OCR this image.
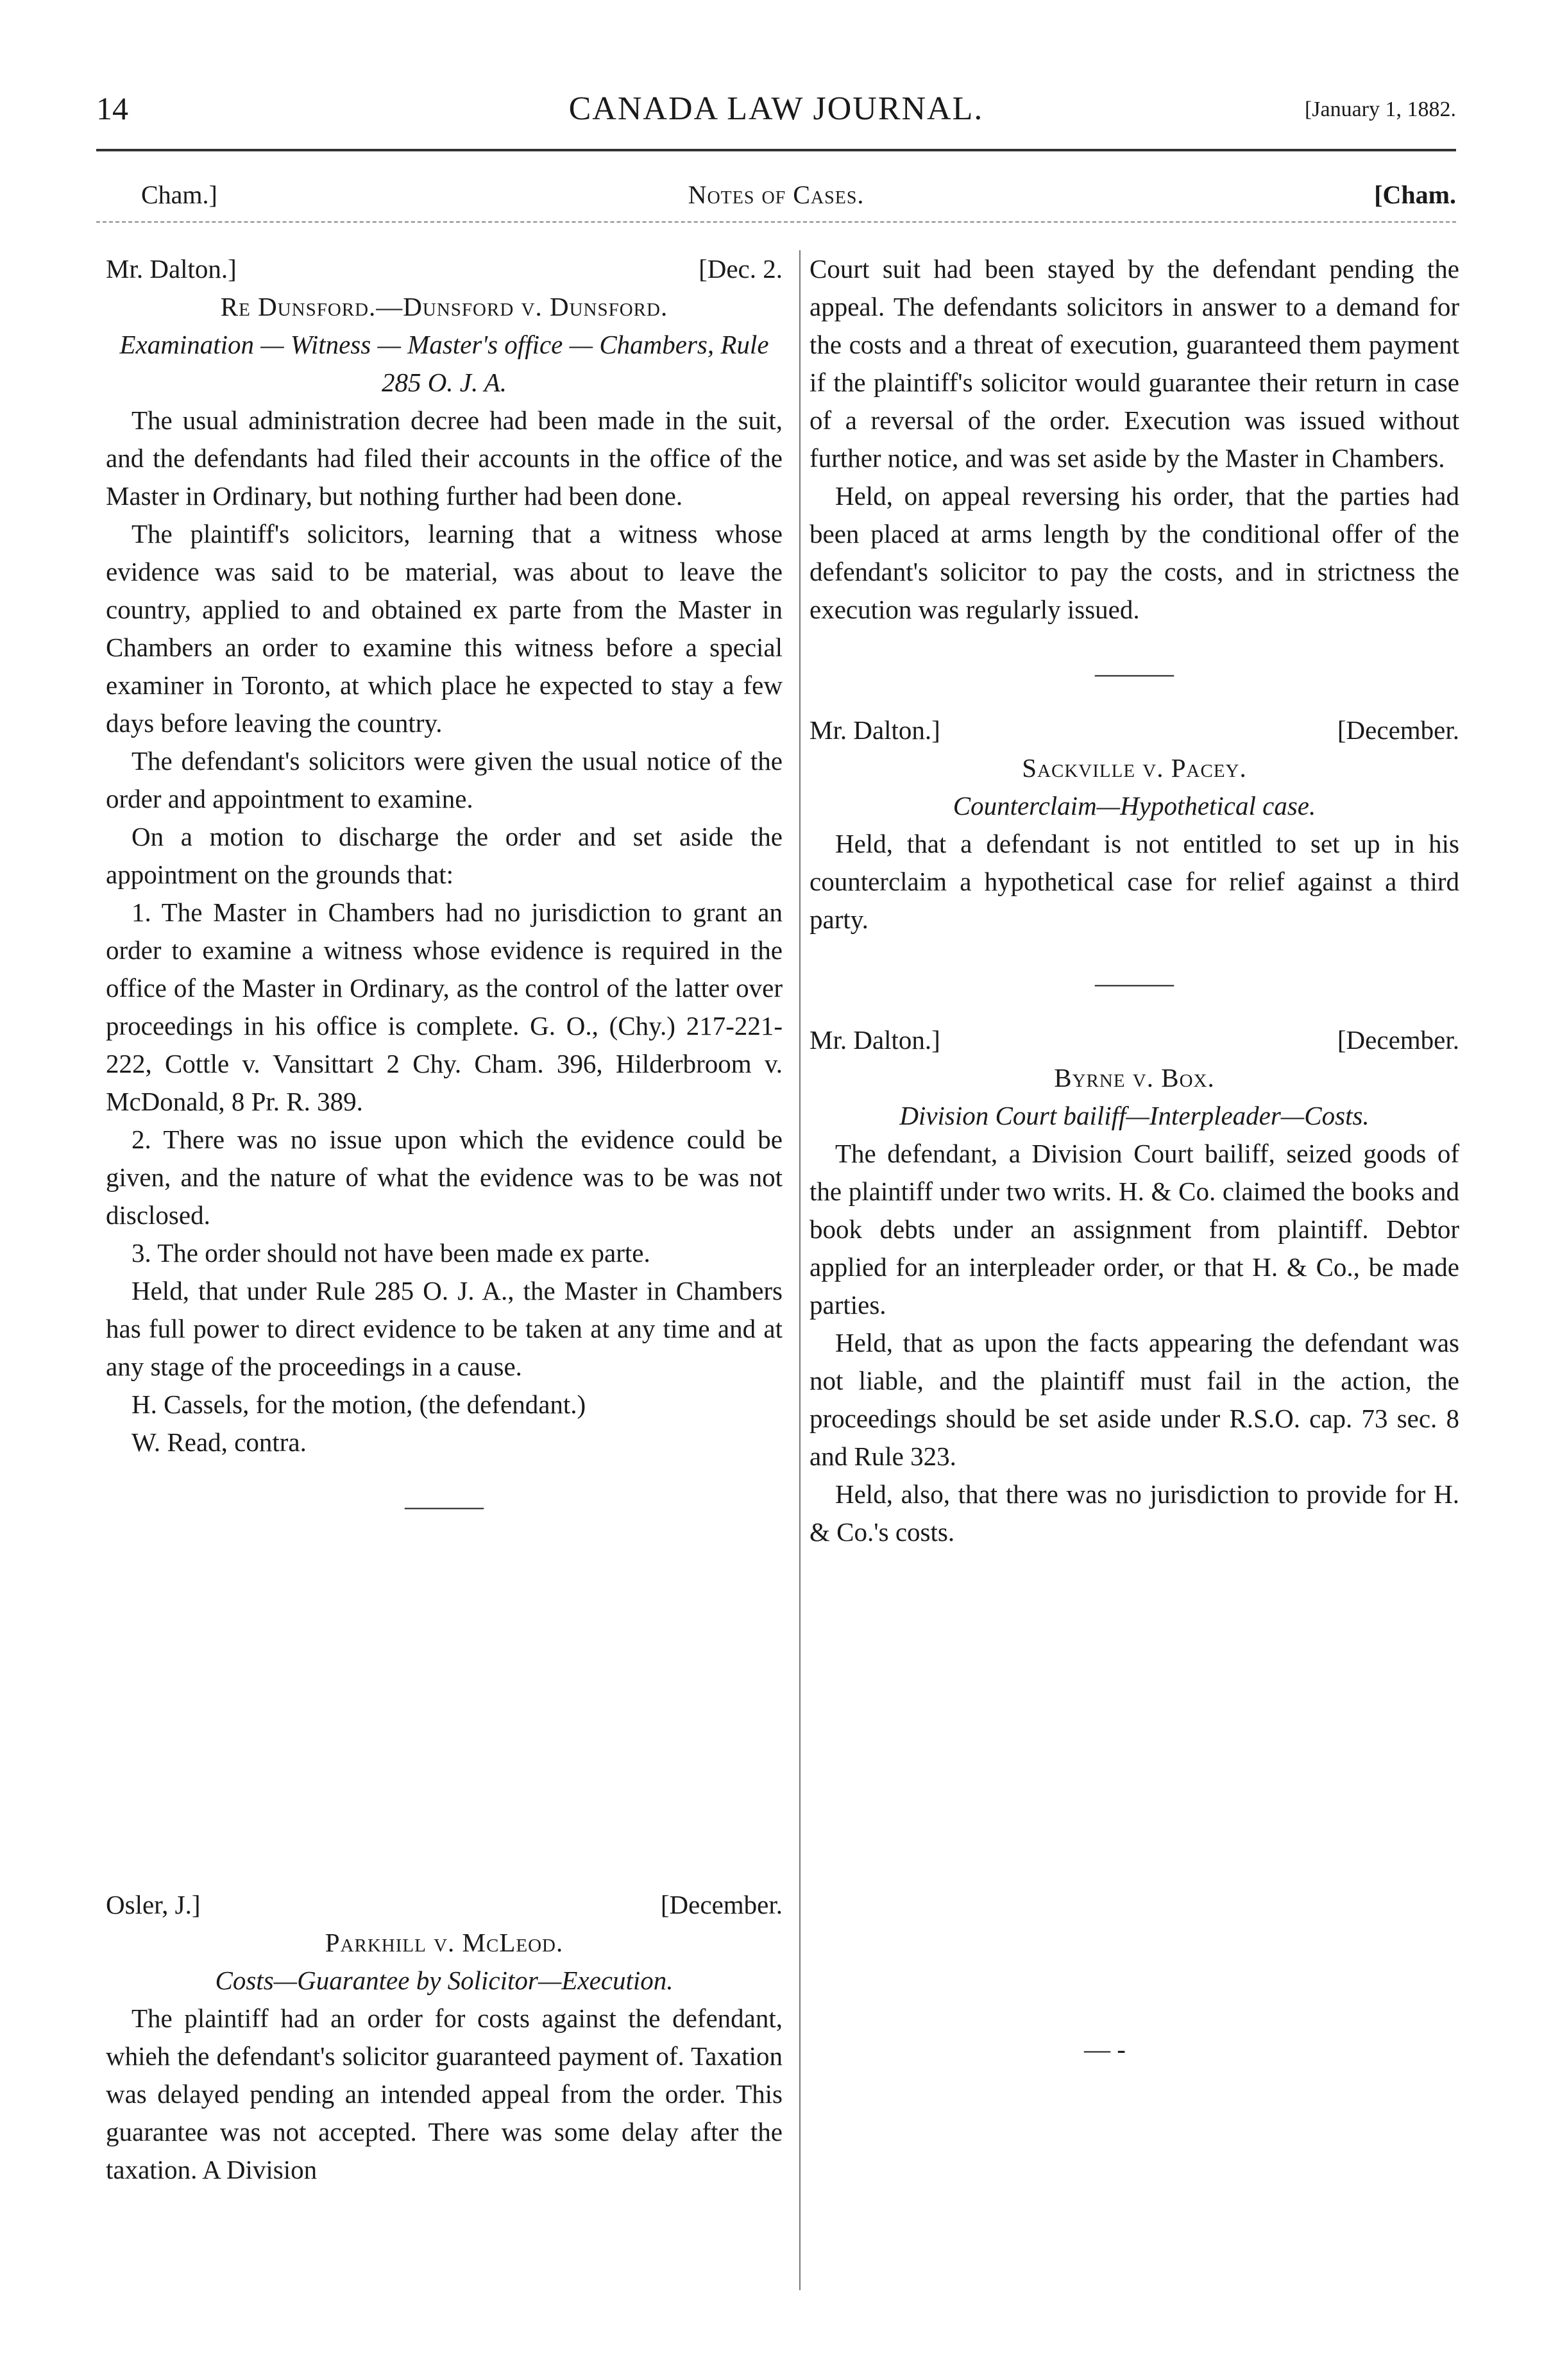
14	CANADA LAW JOURNAL.	[January 1, 1882.
Cham.]	Notes of Cases.	[Cham.
Mr. Dalton.]	[Dec. 2.
Re Dunsford.—Dunsford v. Dunsford.
Examination — Witness — Master's office — Chambers, Rule 285 O. J. A.

The usual administration decree had been made in the suit, and the defendants had filed their accounts in the office of the Master in Ordinary, but nothing further had been done.

The plaintiff's solicitors, learning that a witness whose evidence was said to be material, was about to leave the country, applied to and obtained ex parte from the Master in Chambers an order to examine this witness before a special examiner in Toronto, at which place he expected to stay a few days before leaving the country.

The defendant's solicitors were given the usual notice of the order and appointment to examine.

On a motion to discharge the order and set aside the appointment on the grounds that:

1. The Master in Chambers had no jurisdiction to grant an order to examine a witness whose evidence is required in the office of the Master in Ordinary, as the control of the latter over proceedings in his office is complete. G. O., (Chy.) 217-221-222, Cottle v. Vansittart 2 Chy. Cham. 396, Hilderbroom v. McDonald, 8 Pr. R. 389.

2. There was no issue upon which the evidence could be given, and the nature of what the evidence was to be was not disclosed.

3. The order should not have been made ex parte.

Held, that under Rule 285 O. J. A., the Master in Chambers has full power to direct evidence to be taken at any time and at any stage of the proceedings in a cause.

H. Cassels, for the motion, (the defendant.)

W. Read, contra.

———
Osler, J.]	[December.
Parkhill v. McLeod.
Costs—Guarantee by Solicitor—Execution.

The plaintiff had an order for costs against the defendant, whieh the defendant's solicitor guaranteed payment of. Taxation was delayed pending an intended appeal from the order. This guarantee was not accepted. There was some delay after the taxation. A Division

Court suit had been stayed by the defendant pending the appeal. The defendants solicitors in answer to a demand for the costs and a threat of execution, guaranteed them payment if the plaintiff's solicitor would guarantee their return in case of a reversal of the order. Execution was issued without further notice, and was set aside by the Master in Chambers.

Held, on appeal reversing his order, that the parties had been placed at arms length by the conditional offer of the defendant's solicitor to pay the costs, and in strictness the execution was regularly issued.

———
Mr. Dalton.]	[December.
Sackville v. Pacey.
Counterclaim—Hypothetical case.

Held, that a defendant is not entitled to set up in his counterclaim a hypothetical case for relief against a third party.

———
Mr. Dalton.]	[December.
Byrne v. Box.
Division Court bailiff—Interpleader—Costs.

The defendant, a Division Court bailiff, seized goods of the plaintiff under two writs. H. & Co. claimed the books and book debts under an assignment from plaintiff. Debtor applied for an interpleader order, or that H. & Co., be made parties.

Held, that as upon the facts appearing the defendant was not liable, and the plaintiff must fail in the action, the proceedings should be set aside under R.S.O. cap. 73 sec. 8 and Rule 323.

Held, also, that there was no jurisdiction to provide for H. & Co.'s costs.

— -
